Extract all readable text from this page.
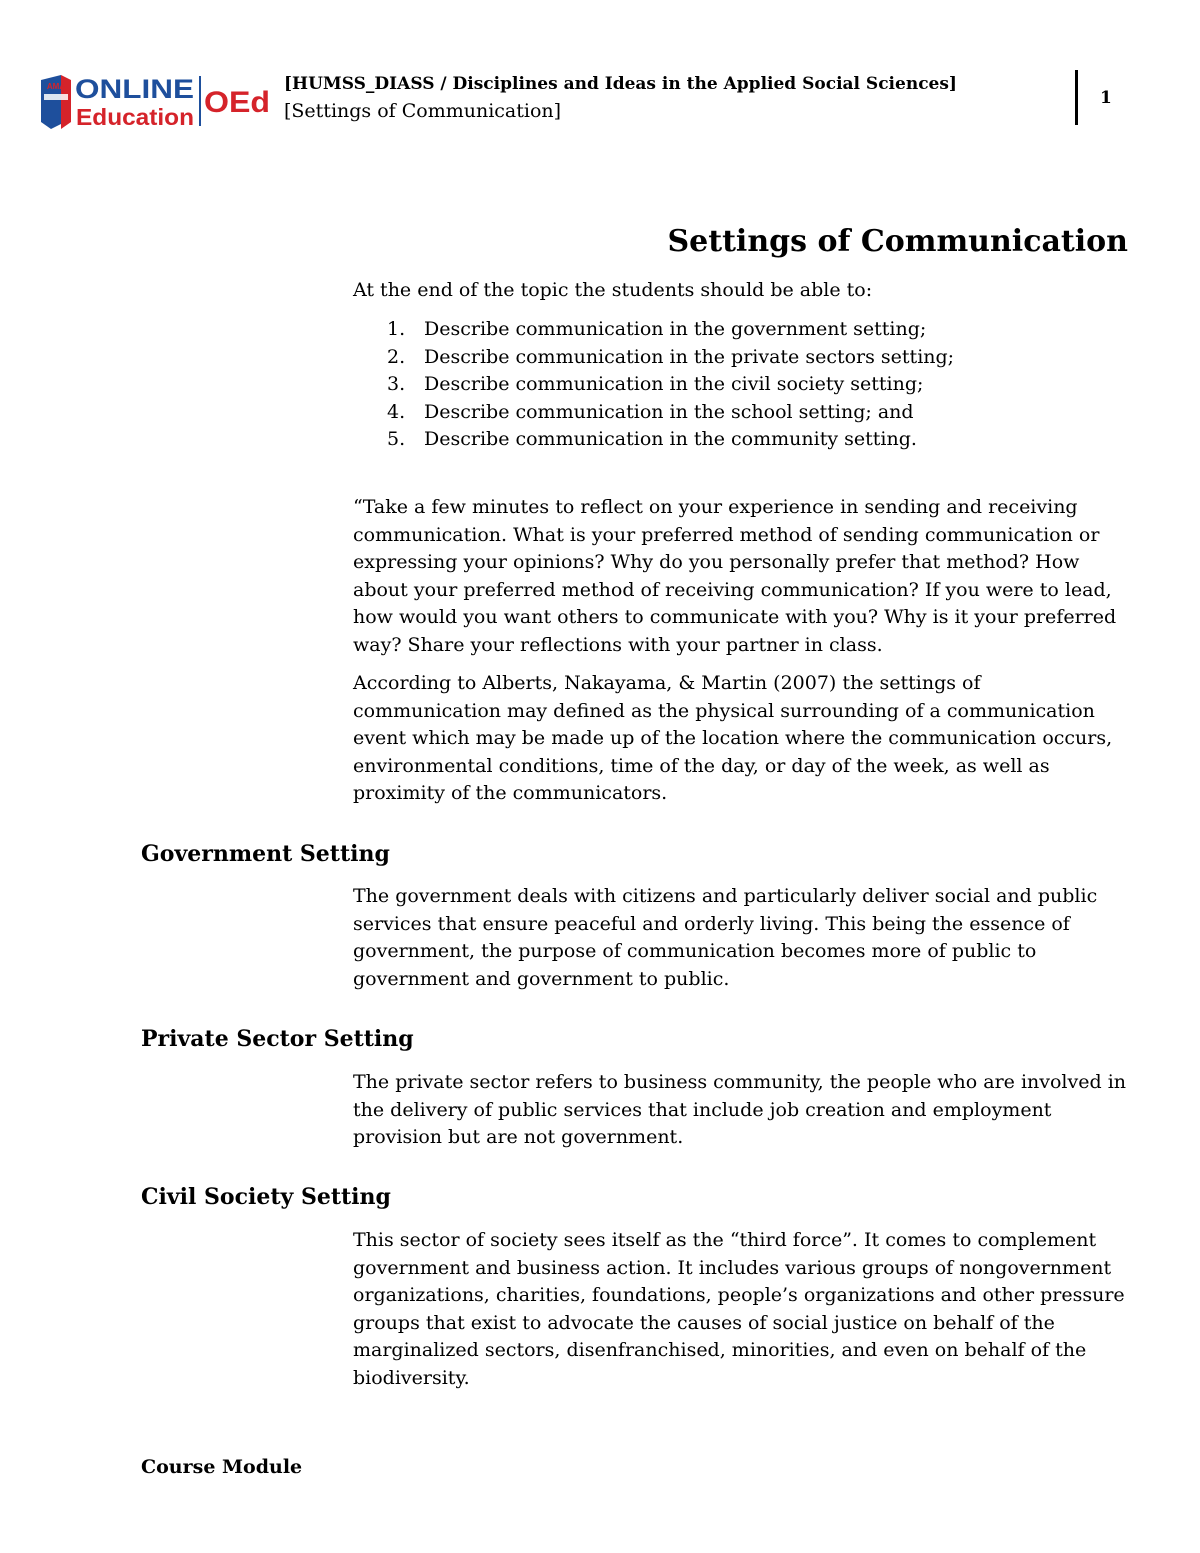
AMA ONLINE
Education OEd
[HUMSS_DIASS / Disciplines and Ideas in the Applied Social Sciences]
[Settings of Communication]
1
Settings of Communication
At the end of the topic the students should be able to:
1. Describe communication in the government setting;
2. Describe communication in the private sectors setting;
3. Describe communication in the civil society setting;
4. Describe communication in the school setting; and
5. Describe communication in the community setting.

“Take a few minutes to reflect on your experience in sending and receiving communication. What is your preferred method of sending communication or expressing your opinions? Why do you personally prefer that method? How about your preferred method of receiving communication? If you were to lead, how would you want others to communicate with you? Why is it your preferred way? Share your reflections with your partner in class.

According to Alberts, Nakayama, & Martin (2007) the settings of communication may defined as the physical surrounding of a communication event which may be made up of the location where the communication occurs, environmental conditions, time of the day, or day of the week, as well as proximity of the communicators.

Government Setting

The government deals with citizens and particularly deliver social and public services that ensure peaceful and orderly living. This being the essence of government, the purpose of communication becomes more of public to government and government to public.

Private Sector Setting

The private sector refers to business community, the people who are involved in the delivery of public services that include job creation and employment provision but are not government.

Civil Society Setting

This sector of society sees itself as the “third force”. It comes to complement government and business action. It includes various groups of nongovernment organizations, charities, foundations, people’s organizations and other pressure groups that exist to advocate the causes of social justice on behalf of the marginalized sectors, disenfranchised, minorities, and even on behalf of the biodiversity.

Course Module
